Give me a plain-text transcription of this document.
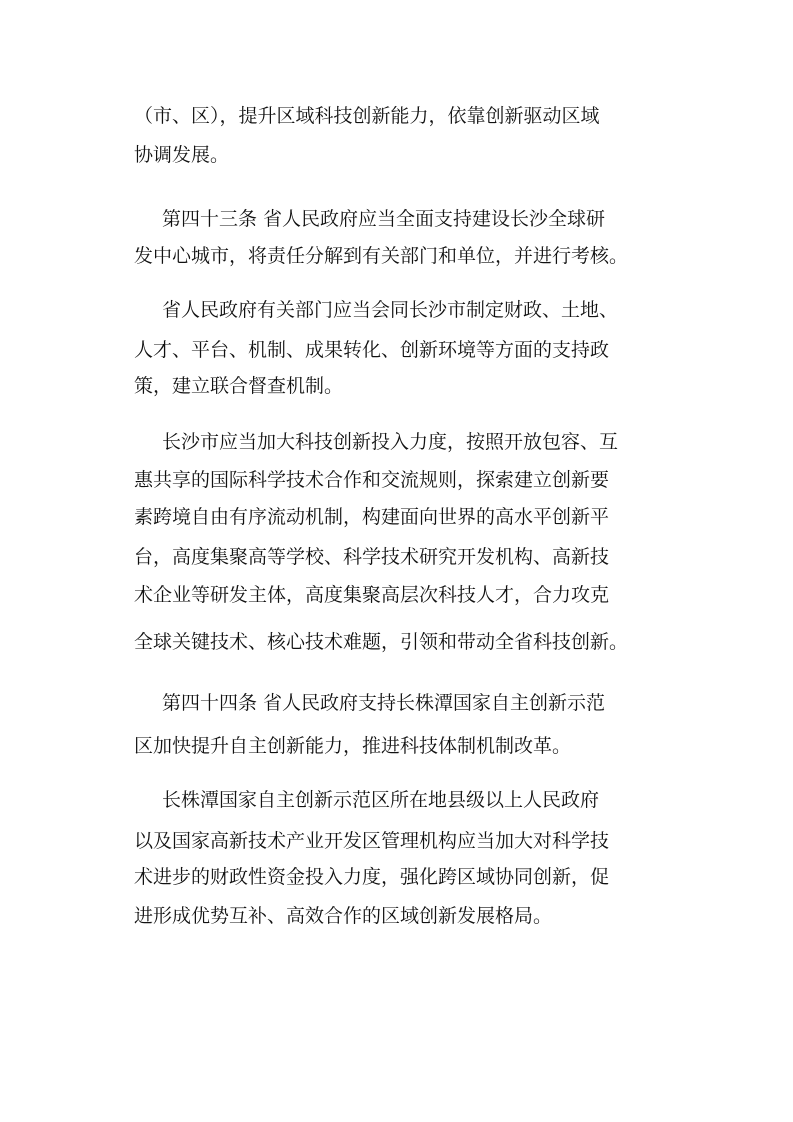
（市、区），提升区域科技创新能力，依靠创新驱动区域
协调发展。
第四十三条 省人民政府应当全面支持建设长沙全球研
发中心城市，将责任分解到有关部门和单位，并进行考核。
省人民政府有关部门应当会同长沙市制定财政、土地、
人才、平台、机制、成果转化、创新环境等方面的支持政
策，建立联合督查机制。
长沙市应当加大科技创新投入力度，按照开放包容、互
惠共享的国际科学技术合作和交流规则，探索建立创新要
素跨境自由有序流动机制，构建面向世界的高水平创新平
台，高度集聚高等学校、科学技术研究开发机构、高新技
术企业等研发主体，高度集聚高层次科技人才，合力攻克
全球关键技术、核心技术难题，引领和带动全省科技创新。
第四十四条 省人民政府支持长株潭国家自主创新示范
区加快提升自主创新能力，推进科技体制机制改革。
长株潭国家自主创新示范区所在地县级以上人民政府
以及国家高新技术产业开发区管理机构应当加大对科学技
术进步的财政性资金投入力度，强化跨区域协同创新，促
进形成优势互补、高效合作的区域创新发展格局。
